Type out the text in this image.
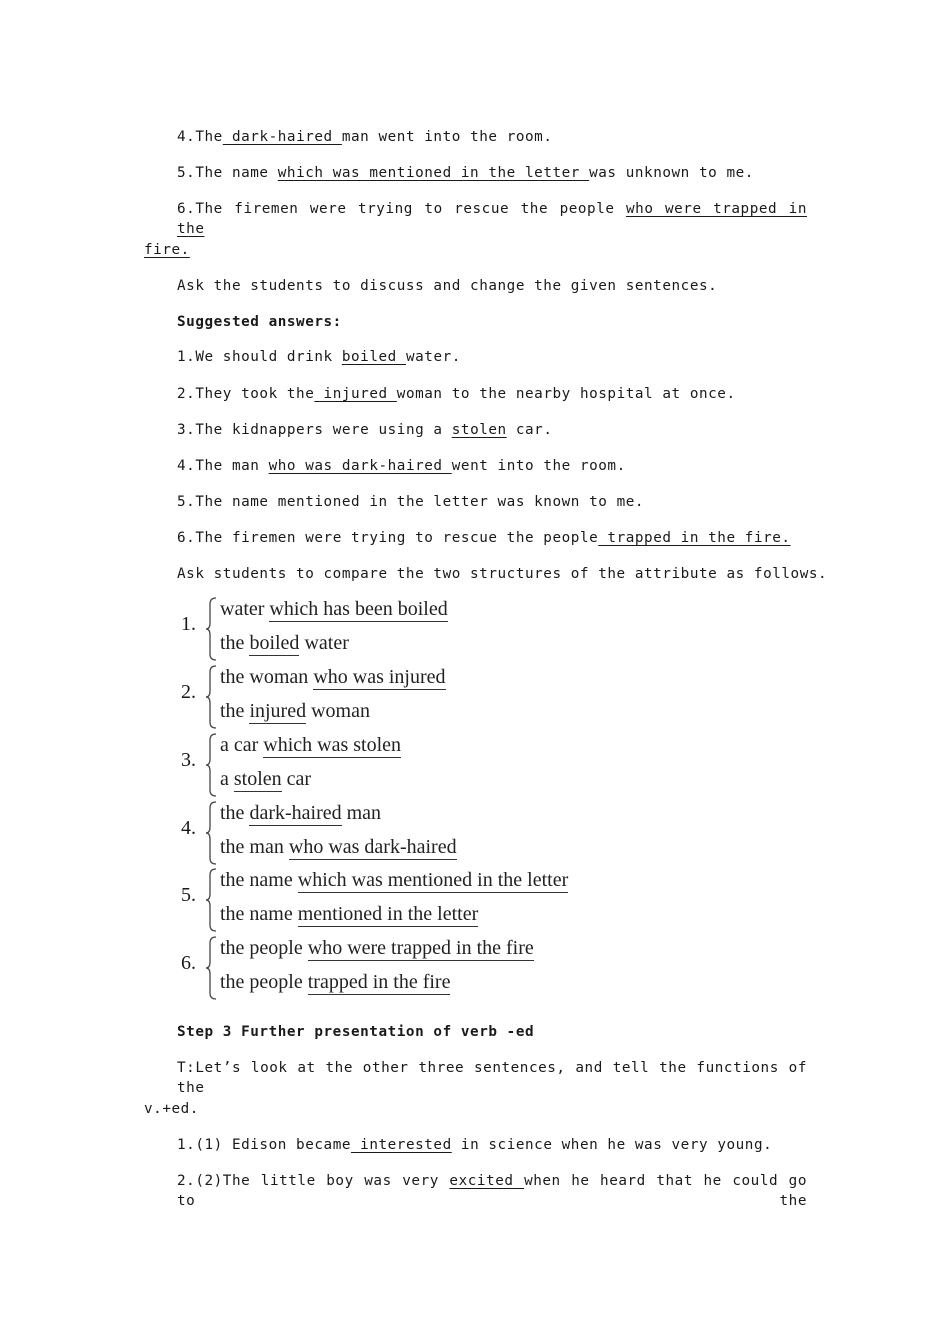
4.The dark-haired man went into the room.
5.The name which was mentioned in the letter was unknown to me.
6.The firemen were trying to rescue the people who were trapped in the
fire.
Ask the students to discuss and change the given sentences.
Suggested answers:
1.We should drink boiled water.
2.They took the injured woman to the nearby hospital at once.
3.The kidnappers were using a stolen car.
4.The man who was dark-haired went into the room.
5.The name mentioned in the letter was known to me.
6.The firemen were trying to rescue the people trapped in the fire.
Ask students to compare the two structures of the attribute as follows.
1.
water which has been boiled
the boiled water
2.
the woman who was injured
the injured woman
3.
a car which was stolen
a stolen car
4.
the dark-haired man
the man who was dark-haired
5.
the name which was mentioned in the letter
the name mentioned in the letter
6.
the people who were trapped in the fire
the people trapped in the fire
Step 3 Further presentation of verb -ed
T:Let’s look at the other three sentences, and tell the functions of the
v.+ed.
1.(1) Edison became interested in science when he was very young.
2.(2)The little boy was very excited when he heard that he could go to the
